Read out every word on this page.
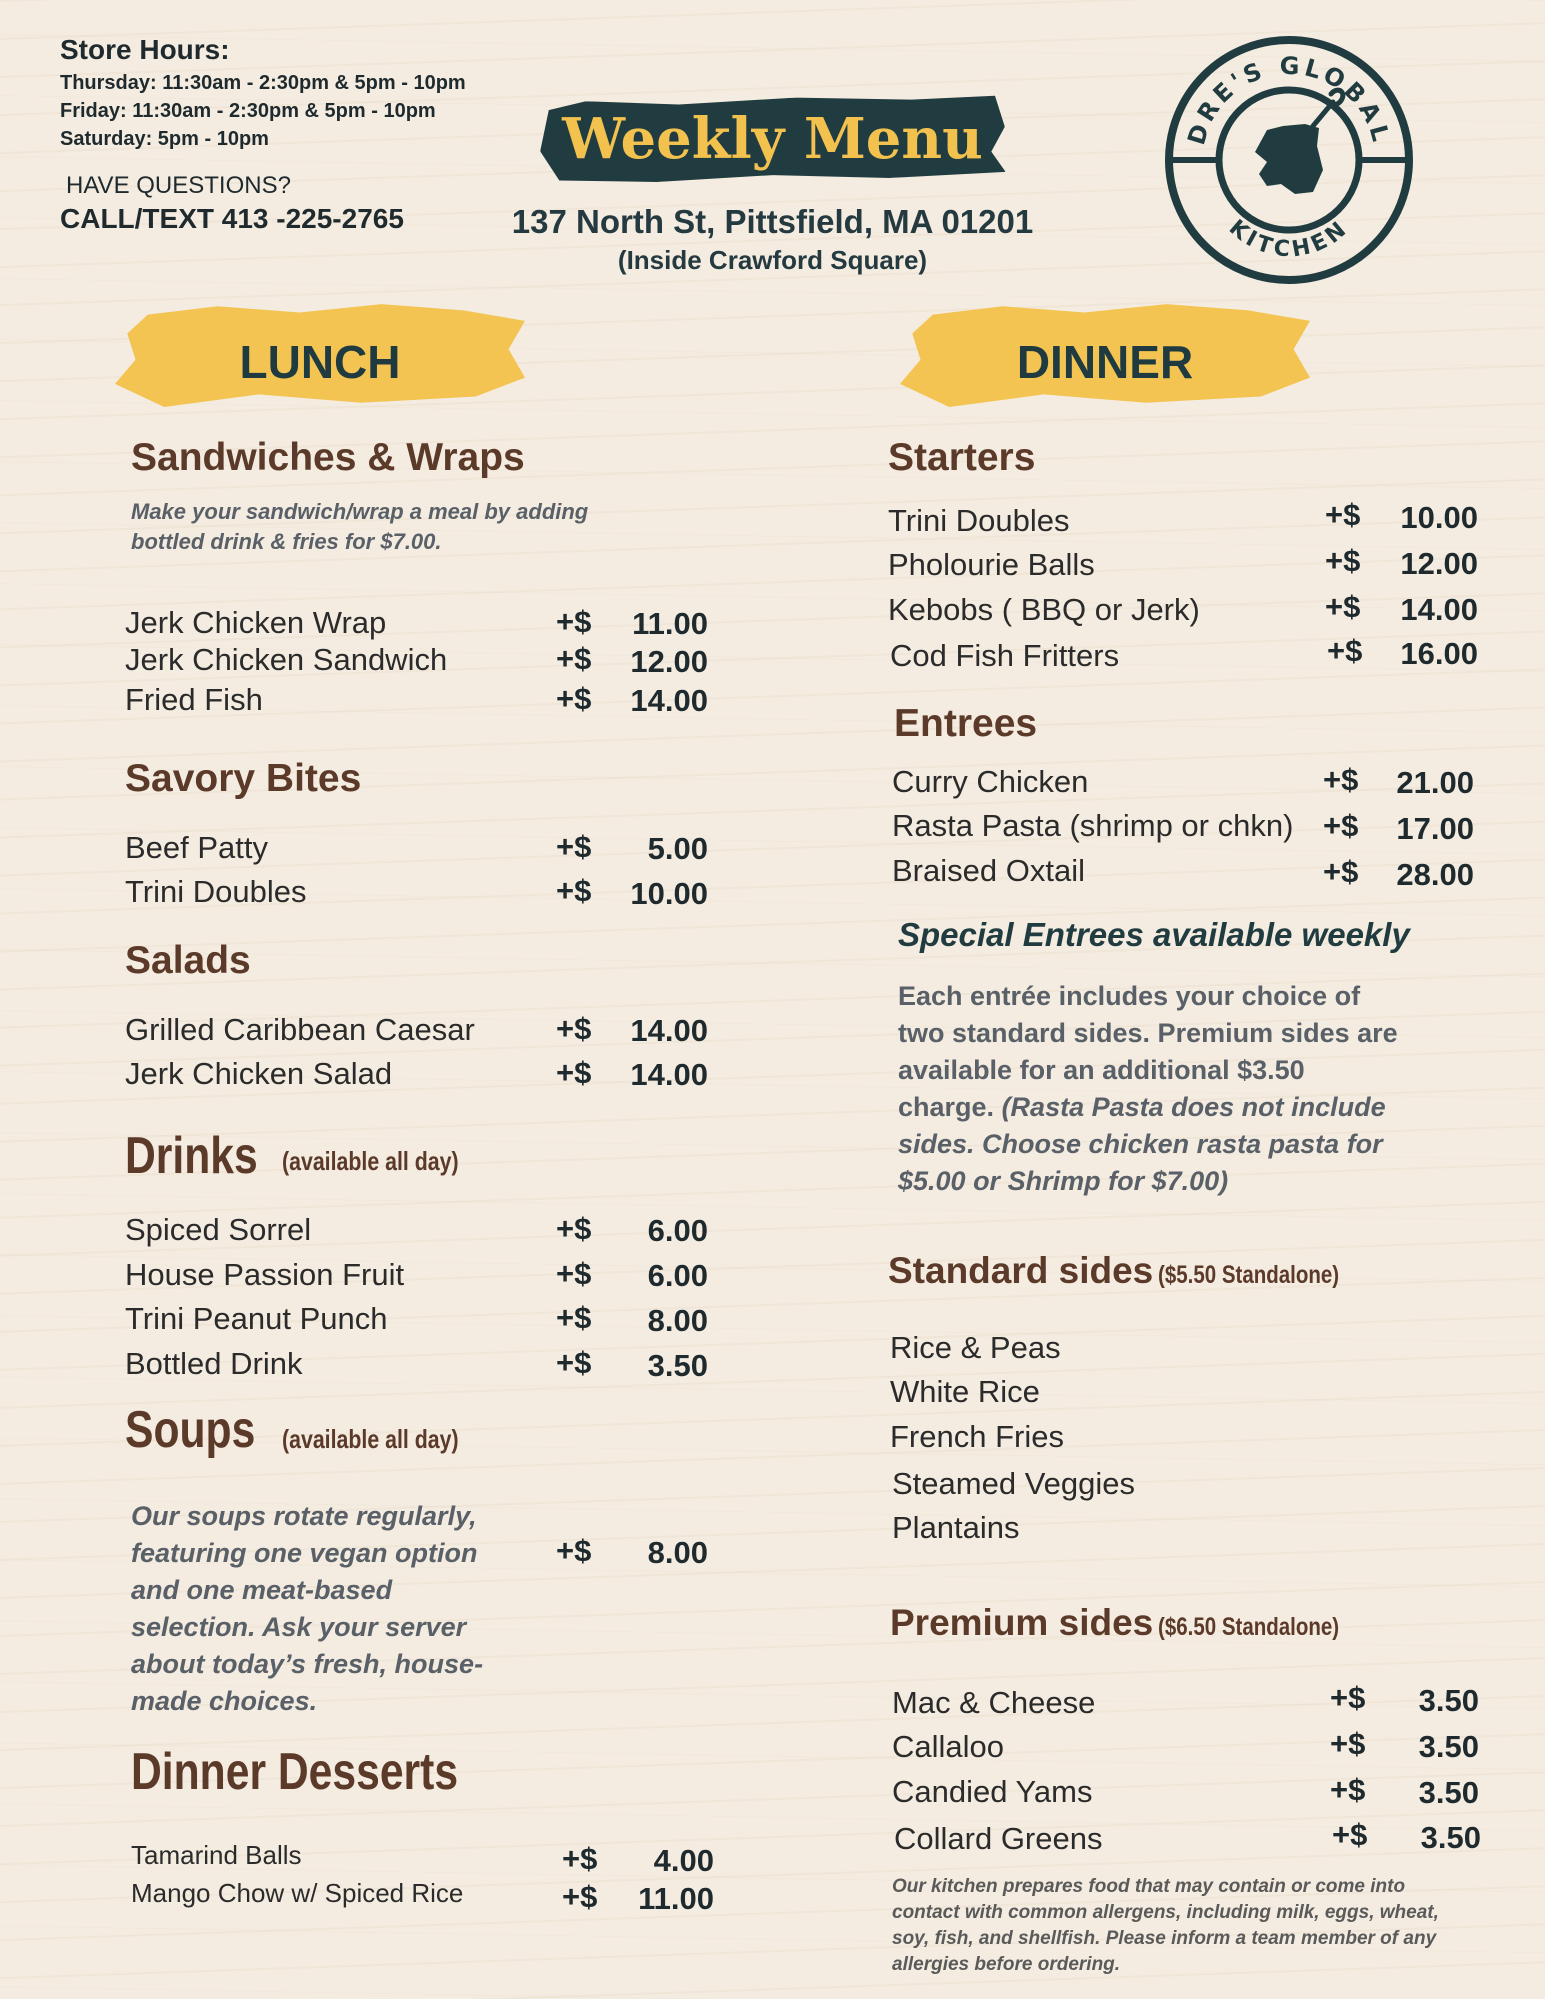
Store Hours:
Thursday: 11:30am - 2:30pm & 5pm - 10pm
Friday: 11:30am - 2:30pm & 5pm - 10pm
Saturday: 5pm - 10pm
HAVE QUESTIONS?
CALL/TEXT 413 -225-2765
Weekly Menu
137 North St, Pittsfield, MA 01201
(Inside Crawford Square)
DRE'S GLOBAL
KITCHEN
LUNCH	DINNER
Sandwiches & Wraps
Make your sandwich/wrap a meal by adding
bottled drink & fries for $7.00.
Jerk Chicken Wrap	+$	11.00
Jerk Chicken Sandwich	+$	12.00
Fried Fish	+$	14.00
Savory Bites
Beef Patty	+$	5.00
Trini Doubles	+$	10.00
Salads
Grilled Caribbean Caesar	+$	14.00
Jerk Chicken Salad	+$	14.00
Drinks (available all day)
Spiced Sorrel	+$	6.00
House Passion Fruit	+$	6.00
Trini Peanut Punch	+$	8.00
Bottled Drink	+$	3.50
Soups (available all day)
Our soups rotate regularly,
featuring one vegan option
and one meat-based
selection. Ask your server
about today’s fresh, house-
made choices.
+$	8.00
Dinner Desserts
Tamarind Balls	+$	4.00
Mango Chow w/ Spiced Rice	+$	11.00
Starters
Trini Doubles	+$	10.00
Pholourie Balls	+$	12.00
Kebobs ( BBQ or Jerk)	+$	14.00
Cod Fish Fritters	+$	16.00
Entrees
Curry Chicken	+$	21.00
Rasta Pasta (shrimp or chkn) +$	17.00
Braised Oxtail	+$	28.00
Special Entrees available weekly
Each entrée includes your choice of
two standard sides. Premium sides are
available for an additional $3.50
charge. (Rasta Pasta does not include
sides. Choose chicken rasta pasta for
$5.00 or Shrimp for $7.00)
Standard sides ($5.50 Standalone)
Rice & Peas
White Rice
French Fries
Steamed Veggies
Plantains
Premium sides ($6.50 Standalone)
Mac & Cheese	+$	3.50
Callaloo	+$	3.50
Candied Yams	+$	3.50
Collard Greens	+$	3.50
Our kitchen prepares food that may contain or come into
contact with common allergens, including milk, eggs, wheat,
soy, fish, and shellfish. Please inform a team member of any
allergies before ordering.
